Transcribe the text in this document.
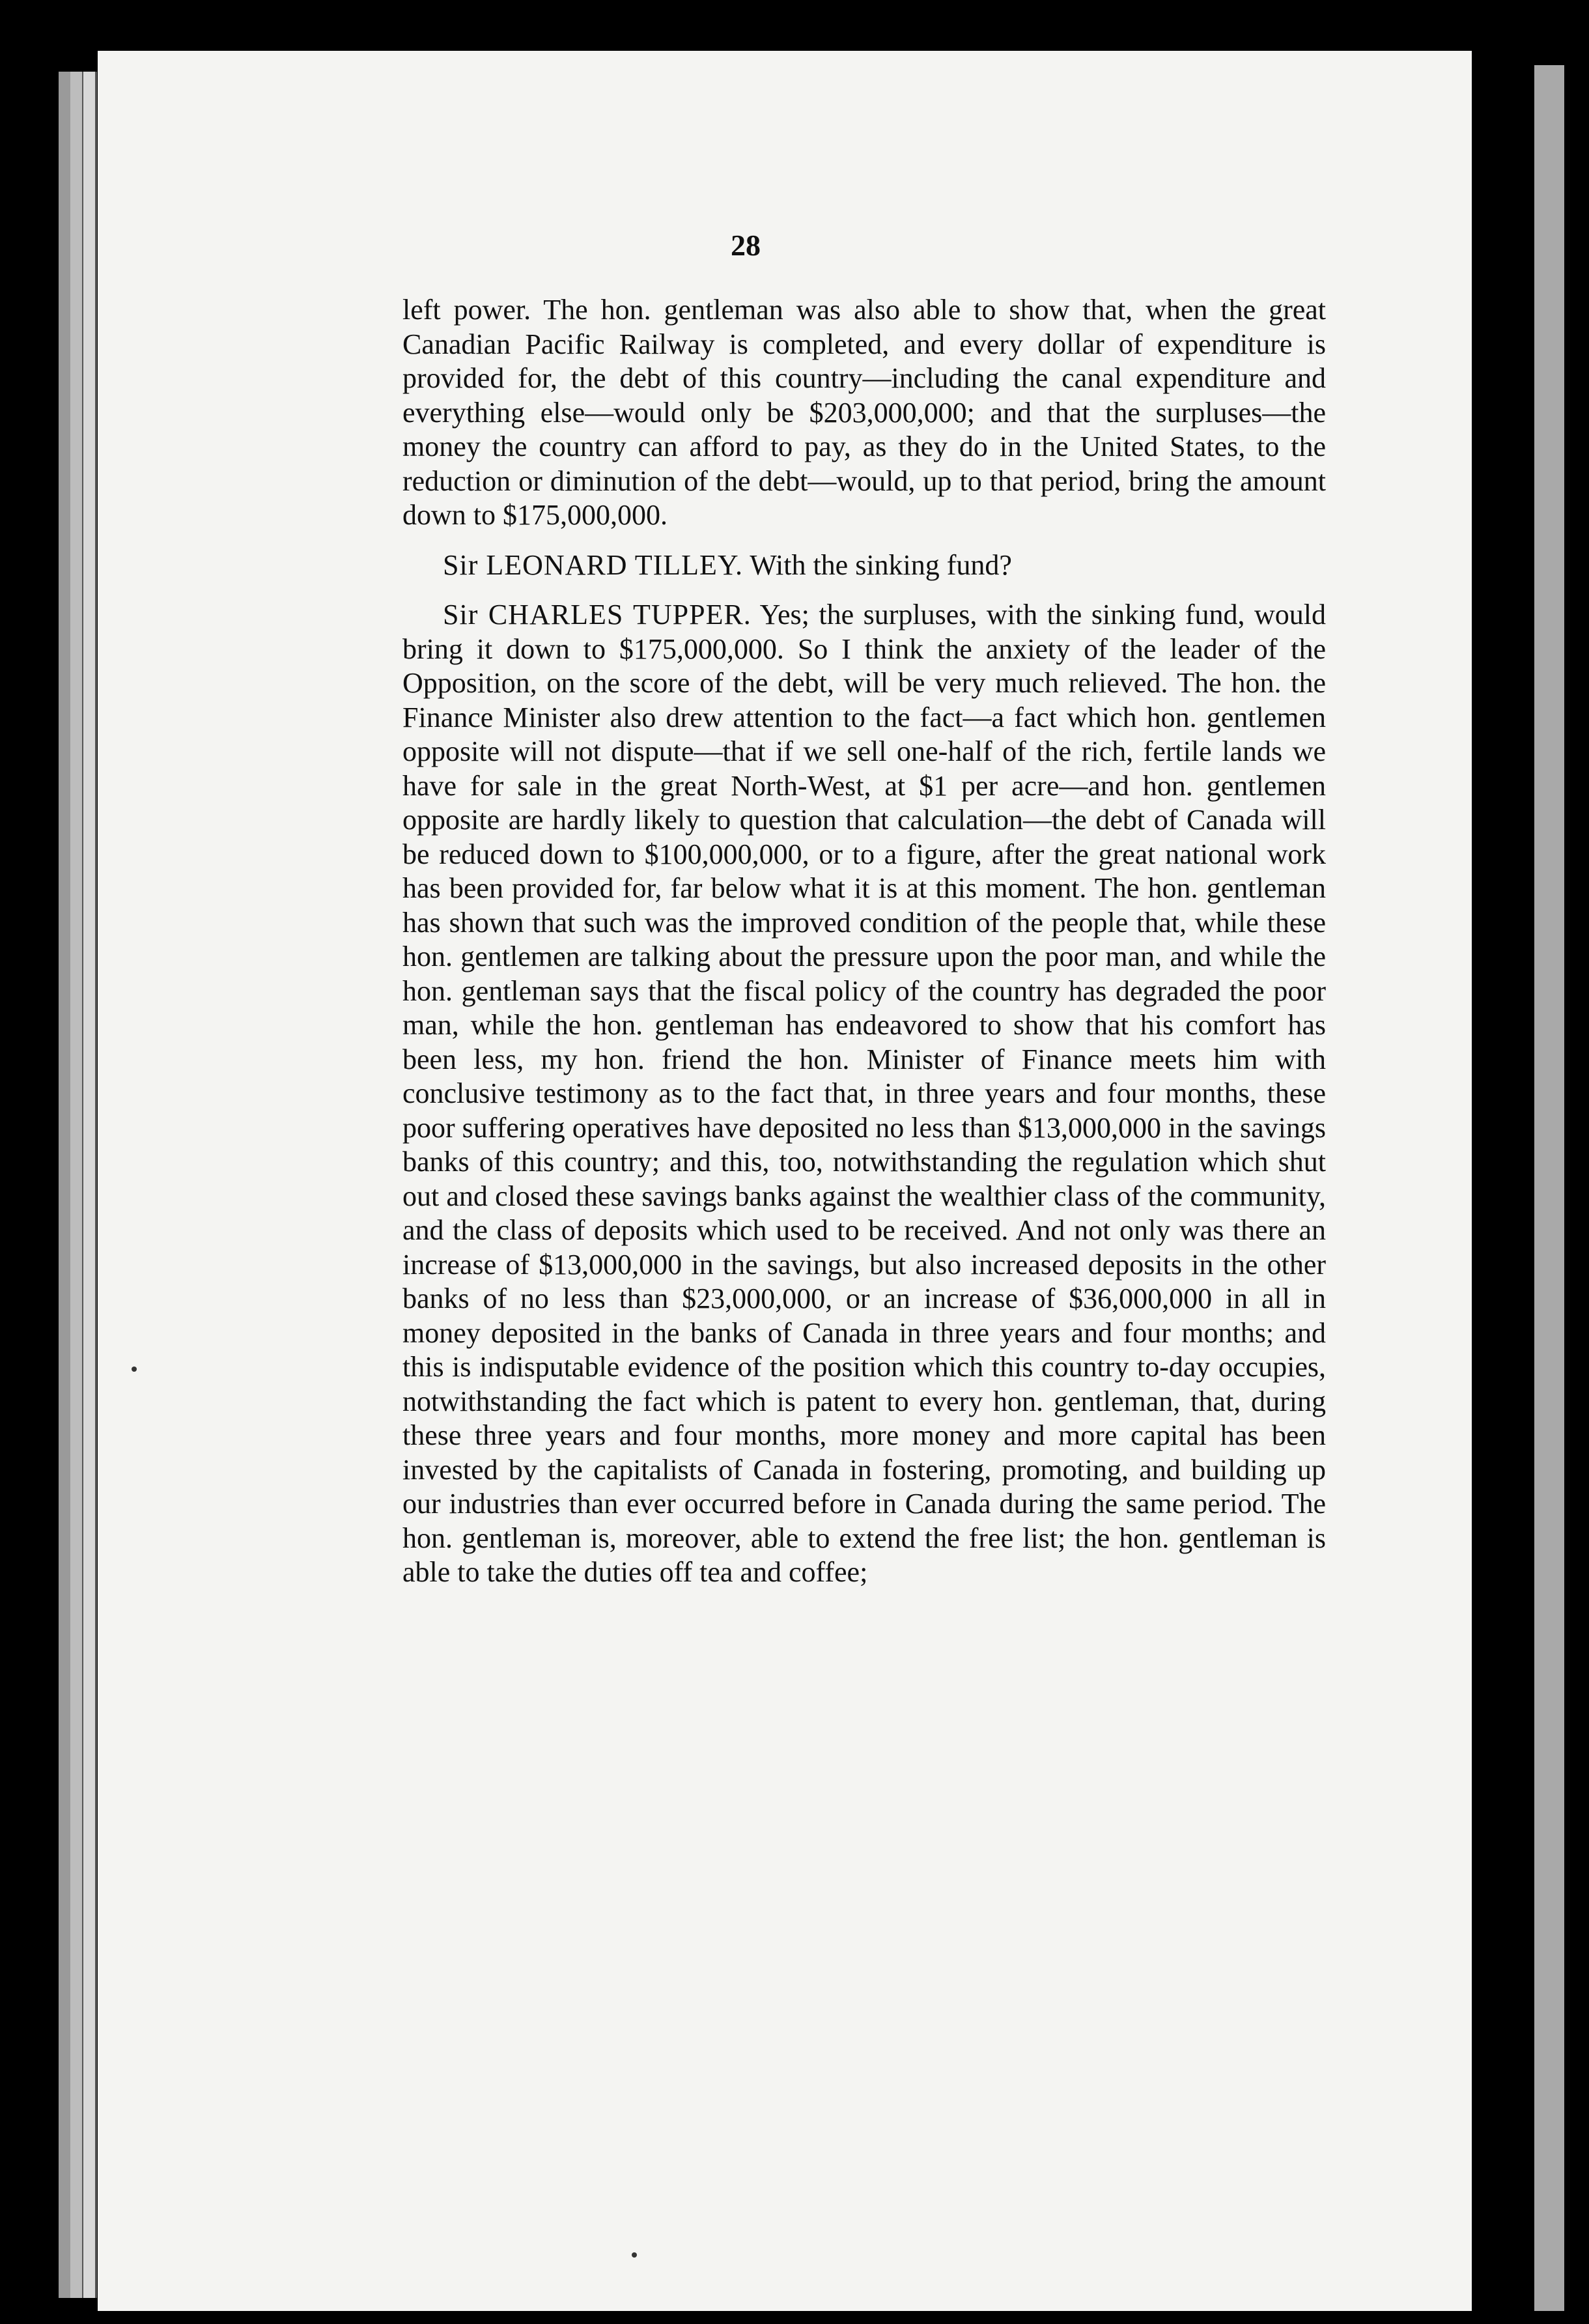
28

left power. The hon. gentleman was also able to show that, when the great Canadian Pacific Railway is completed, and every dollar of expenditure is provided for, the debt of this country—including the canal expenditure and everything else—would only be $203,000,000; and that the surpluses—the money the country can afford to pay, as they do in the United States, to the reduction or diminution of the debt—would, up to that period, bring the amount down to $175,000,000.

Sir LEONARD TILLEY. With the sinking fund?

Sir CHARLES TUPPER. Yes; the surpluses, with the sinking fund, would bring it down to $175,000,000. So I think the anxiety of the leader of the Opposition, on the score of the debt, will be very much relieved. The hon. the Finance Minister also drew attention to the fact—a fact which hon. gentlemen opposite will not dispute—that if we sell one-half of the rich, fertile lands we have for sale in the great North-West, at $1 per acre—and hon. gentlemen opposite are hardly likely to question that calculation—the debt of Canada will be reduced down to $100,000,000, or to a figure, after the great national work has been provided for, far below what it is at this moment. The hon. gentleman has shown that such was the improved condition of the people that, while these hon. gentlemen are talking about the pressure upon the poor man, and while the hon. gentleman says that the fiscal policy of the country has degraded the poor man, while the hon. gentleman has endeavored to show that his comfort has been less, my hon. friend the hon. Minister of Finance meets him with conclusive testimony as to the fact that, in three years and four months, these poor suffering operatives have deposited no less than $13,000,000 in the savings banks of this country; and this, too, notwithstanding the regulation which shut out and closed these savings banks against the wealthier class of the community, and the class of deposits which used to be received. And not only was there an increase of $13,000,000 in the savings, but also increased deposits in the other banks of no less than $23,000,000, or an increase of $36,000,000 in all in money deposited in the banks of Canada in three years and four months; and this is indisputable evidence of the position which this country to-day occupies, notwithstanding the fact which is patent to every hon. gentleman, that, during these three years and four months, more money and more capital has been invested by the capitalists of Canada in fostering, promoting, and building up our industries than ever occurred before in Canada during the same period. The hon. gentleman is, moreover, able to extend the free list; the hon. gentleman is able to take the duties off tea and coffee;
